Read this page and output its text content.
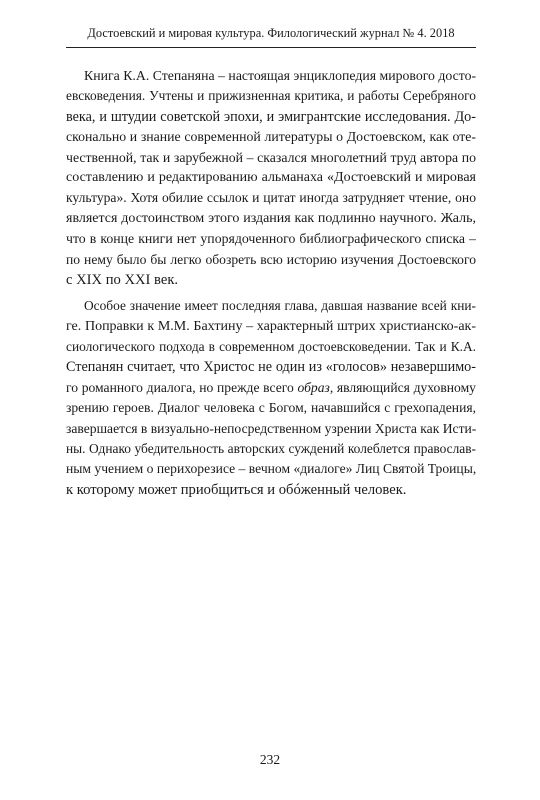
Достоевский и мировая культура. Филологический журнал № 4. 2018
Книга К.А. Степаняна – настоящая энциклопедия мирового досто-
евсковедения. Учтены и прижизненная критика, и работы Серебряного
века, и штудии советской эпохи, и эмигрантские исследования. До-
сконально и знание современной литературы о Достоевском, как оте-
чественной, так и зарубежной – сказался многолетний труд автора по
составлению и редактированию альманаха «Достоевский и мировая
культура». Хотя обилие ссылок и цитат иногда затрудняет чтение, оно
является достоинством этого издания как подлинно научного. Жаль,
что в конце книги нет упорядоченного библиографического списка –
по нему было бы легко обозреть всю историю изучения Достоевского
с XIX по XXI век.
Особое значение имеет последняя глава, давшая название всей кни-
ге. Поправки к М.М. Бахтину – характерный штрих христианско-ак-
сиологического подхода в современном достоевсковедении. Так и К.А.
Степанян считает, что Христос не один из «голосов» незавершимо-
го романного диалога, но прежде всего образ, являющийся духовному
зрению героев. Диалог человека с Богом, начавшийся с грехопадения,
завершается в визуально-непосредственном узрении Христа как Исти-
ны. Однако убедительность авторских суждений колеблется православ-
ным учением о перихорезисе – вечном «диалоге» Лиц Святой Троицы,
к которому может приобщиться и обóженный человек.
232
